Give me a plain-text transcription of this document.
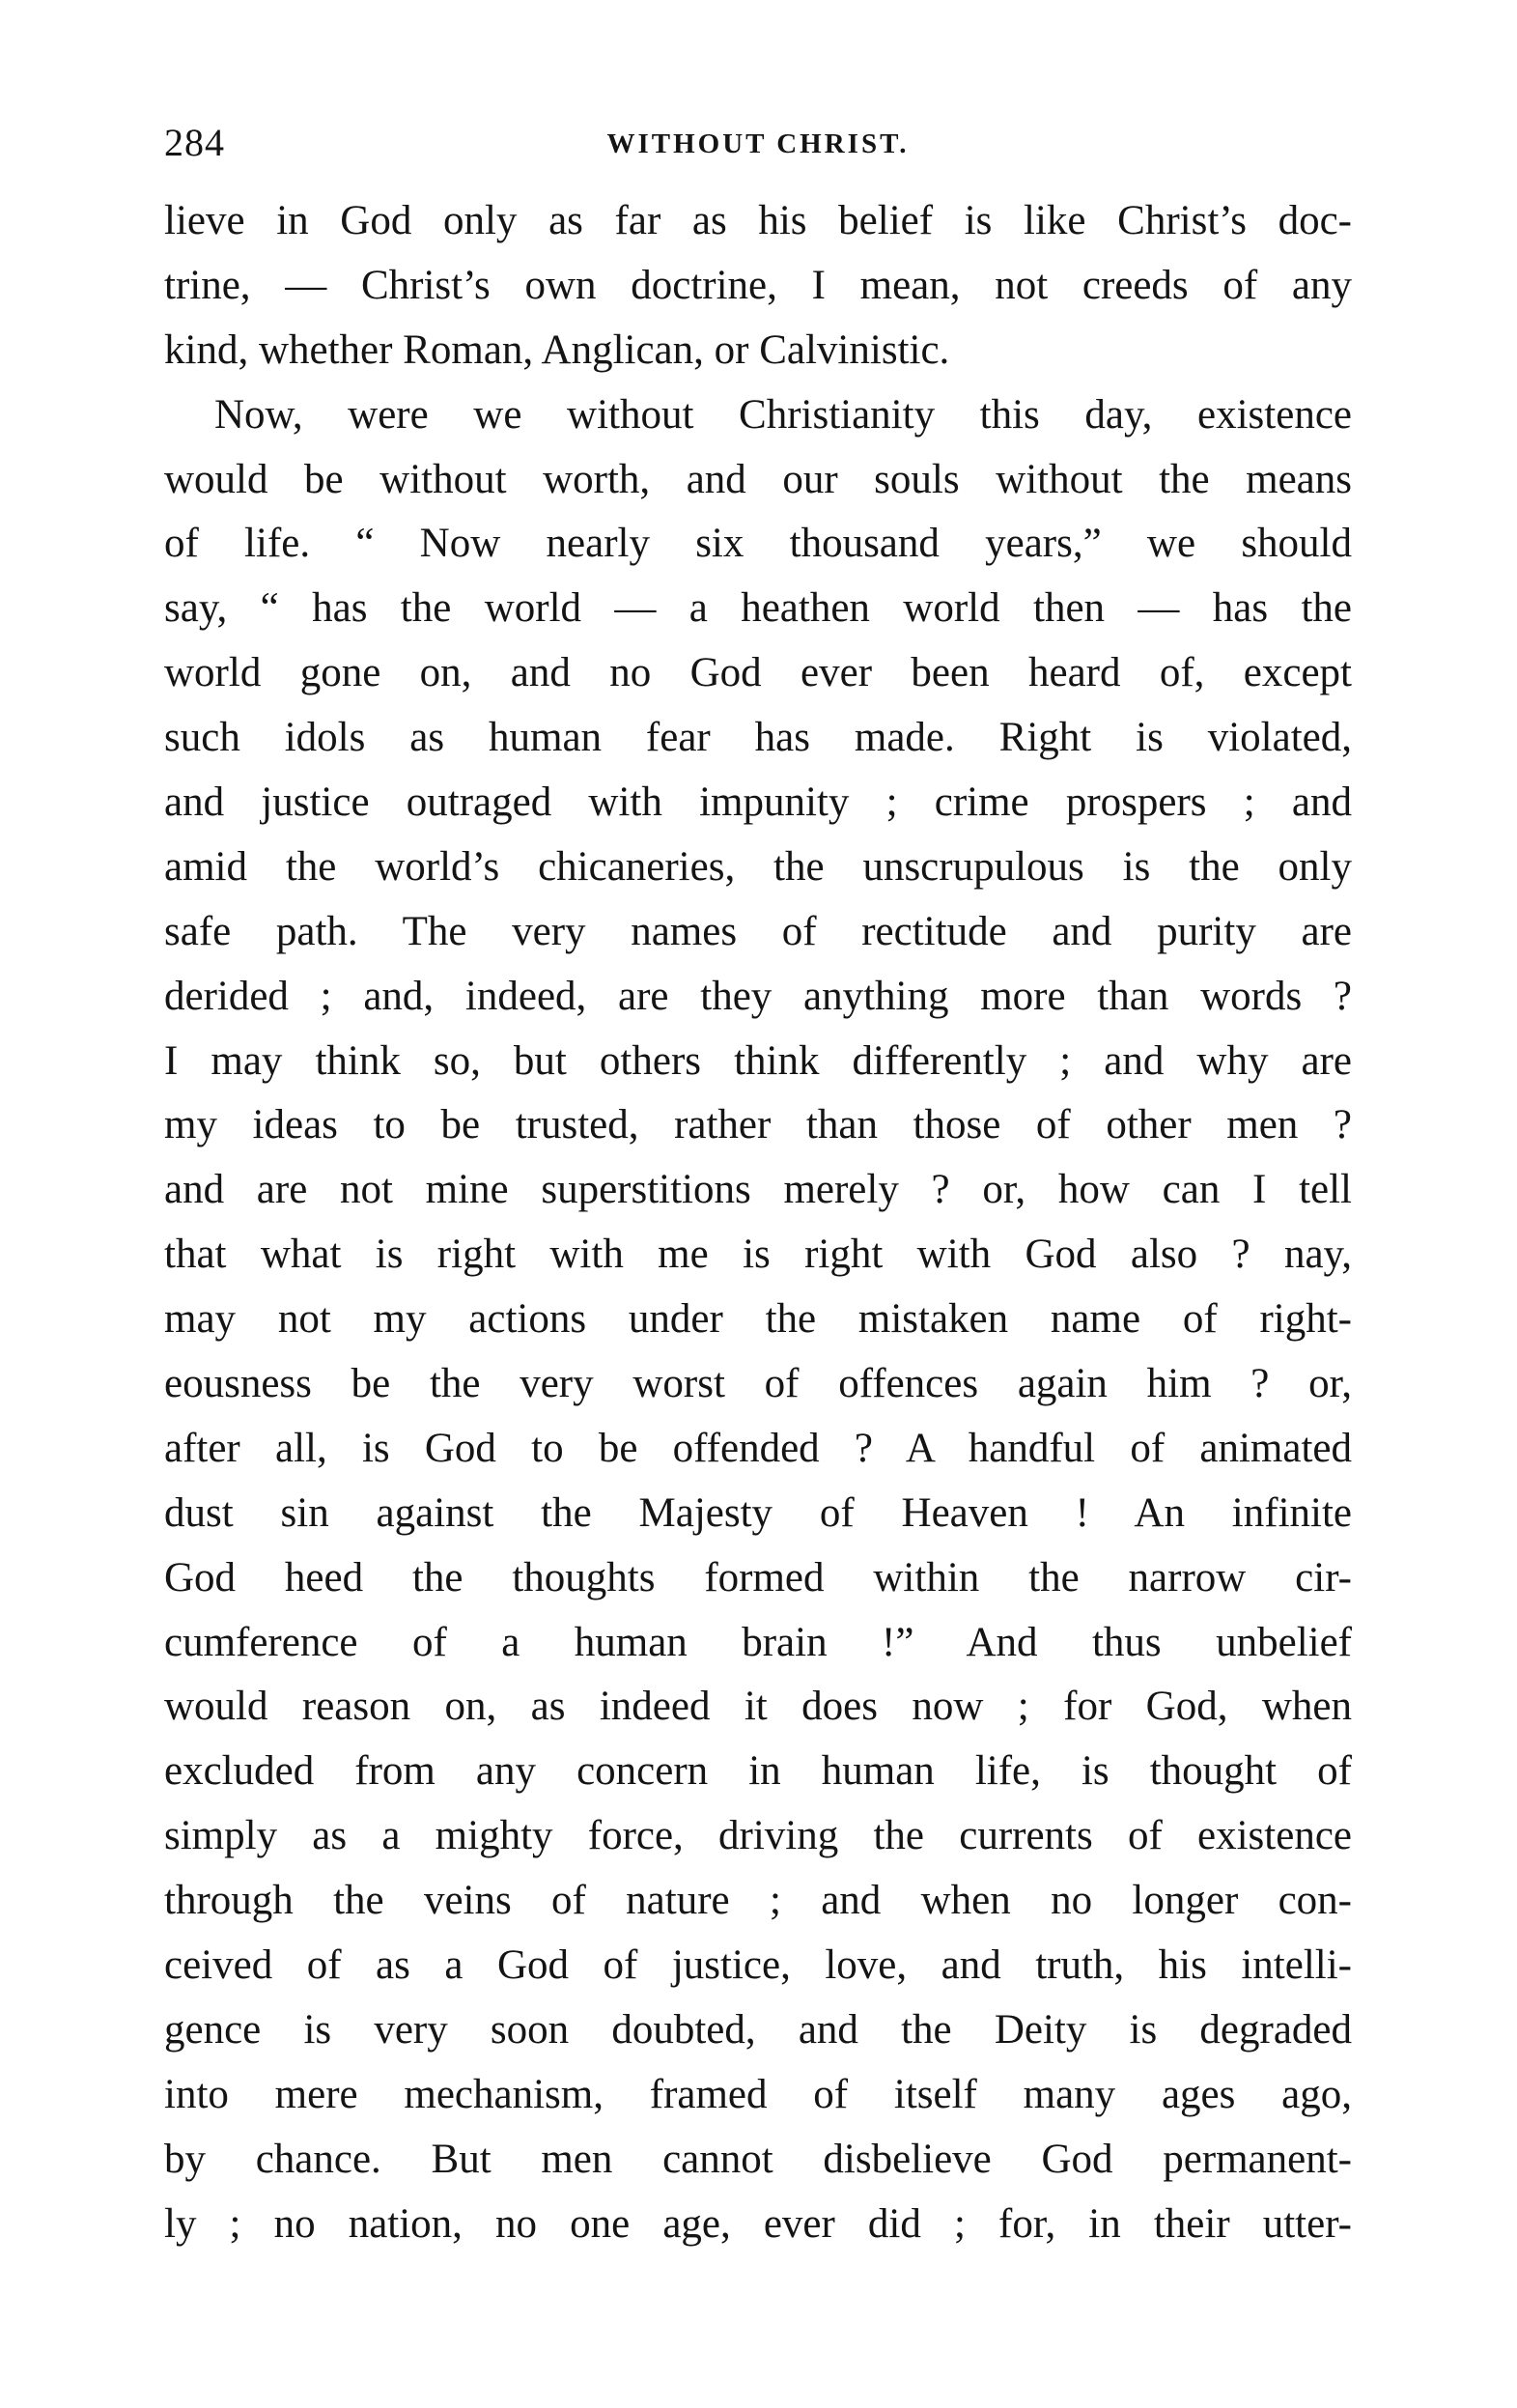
284	WITHOUT CHRIST.
lieve in God only as far as his belief is like Christ’s doc-
trine, — Christ’s own doctrine, I mean, not creeds of any
kind, whether Roman, Anglican, or Calvinistic.
Now, were we without Christianity this day, existence
would be without worth, and our souls without the means
of life. “ Now nearly six thousand years,” we should
say, “ has the world — a heathen world then — has the
world gone on, and no God ever been heard of, except
such idols as human fear has made. Right is violated,
and justice outraged with impunity ; crime prospers ; and
amid the world’s chicaneries, the unscrupulous is the only
safe path. The very names of rectitude and purity are
derided ; and, indeed, are they anything more than words ?
I may think so, but others think differently ; and why are
my ideas to be trusted, rather than those of other men ?
and are not mine superstitions merely ? or, how can I tell
that what is right with me is right with God also ? nay,
may not my actions under the mistaken name of right-
eousness be the very worst of offences again him ? or,
after all, is God to be offended ? A handful of animated
dust sin against the Majesty of Heaven ! An infinite
God heed the thoughts formed within the narrow cir-
cumference of a human brain !” And thus unbelief
would reason on, as indeed it does now ; for God, when
excluded from any concern in human life, is thought of
simply as a mighty force, driving the currents of existence
through the veins of nature ; and when no longer con-
ceived of as a God of justice, love, and truth, his intelli-
gence is very soon doubted, and the Deity is degraded
into mere mechanism, framed of itself many ages ago,
by chance. But men cannot disbelieve God permanent-
ly ; no nation, no one age, ever did ; for, in their utter-
